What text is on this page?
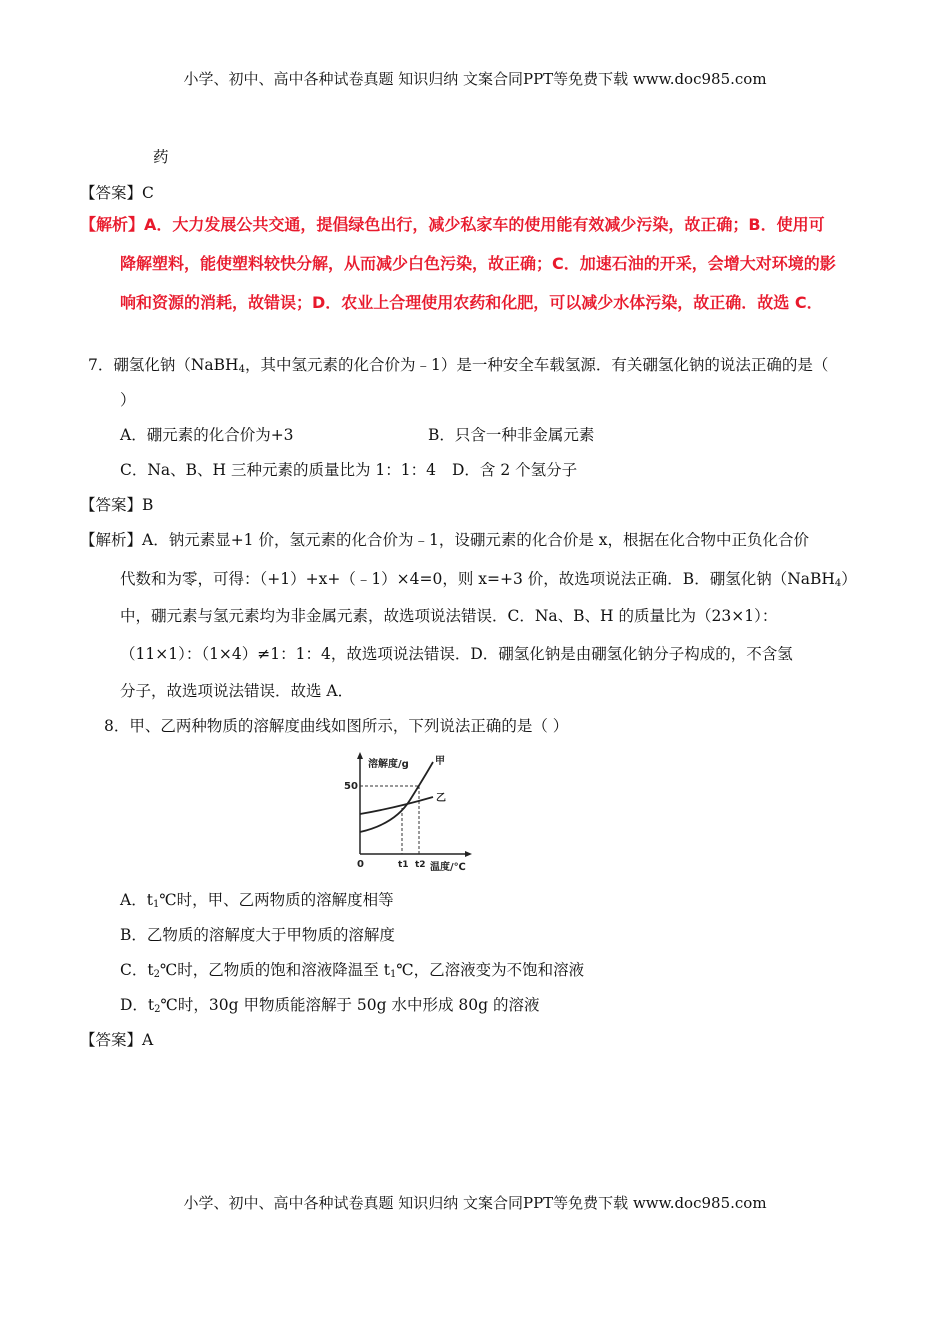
小学、初中、高中各种试卷真题 知识归纳 文案合同PPT等免费下载 www.doc985.com
药
【答案】C
【解析】A．大力发展公共交通，提倡绿色出行，减少私家车的使用能有效减少污染，故正确；B．使用可
降解塑料，能使塑料较快分解，从而减少白色污染，故正确；C．加速石油的开采，会增大对环境的影
响和资源的消耗，故错误；D．农业上合理使用农药和化肥，可以减少水体污染，故正确．故选 C．
7．硼氢化钠（NaBH$_4$，其中氢元素的化合价为﹣1）是一种安全车载氢源．有关硼氢化钠的说法正确的是（
）
A．硼元素的化合价为+3	B．只含一种非金属元素
C．Na、B、H 三种元素的质量比为 1：1：4 D．含 2 个氢分子
【答案】B
【解析】A．钠元素显+1 价，氢元素的化合价为﹣1，设硼元素的化合价是 x，根据在化合物中正负化合价
代数和为零，可得：（+1）+x+（﹣1）×4=0，则 x=+3 价，故选项说法正确．B．硼氢化钠（NaBH$_4$）
中，硼元素与氢元素均为非金属元素，故选项说法错误．C．Na、B、H 的质量比为（23×1）：
（11×1）：（1×4）≠1：1：4，故选项说法错误．D．硼氢化钠是由硼氢化钠分子构成的，不含氢
分子，故选项说法错误．故选 A．
8．甲、乙两种物质的溶解度曲线如图所示，下列说法正确的是（ ）
溶解度/g
温度/℃
0
50
t1 t2
甲
乙
A．$t_1℃$时，甲、乙两物质的溶解度相等
B．乙物质的溶解度大于甲物质的溶解度
C．$t_2℃$时，乙物质的饱和溶液降温至 $t_1℃$，乙溶液变为不饱和溶液
D．$t_2℃$时，30g 甲物质能溶解于 50g 水中形成 80g 的溶液
【答案】A
小学、初中、高中各种试卷真题 知识归纳 文案合同PPT等免费下载 www.doc985.com
